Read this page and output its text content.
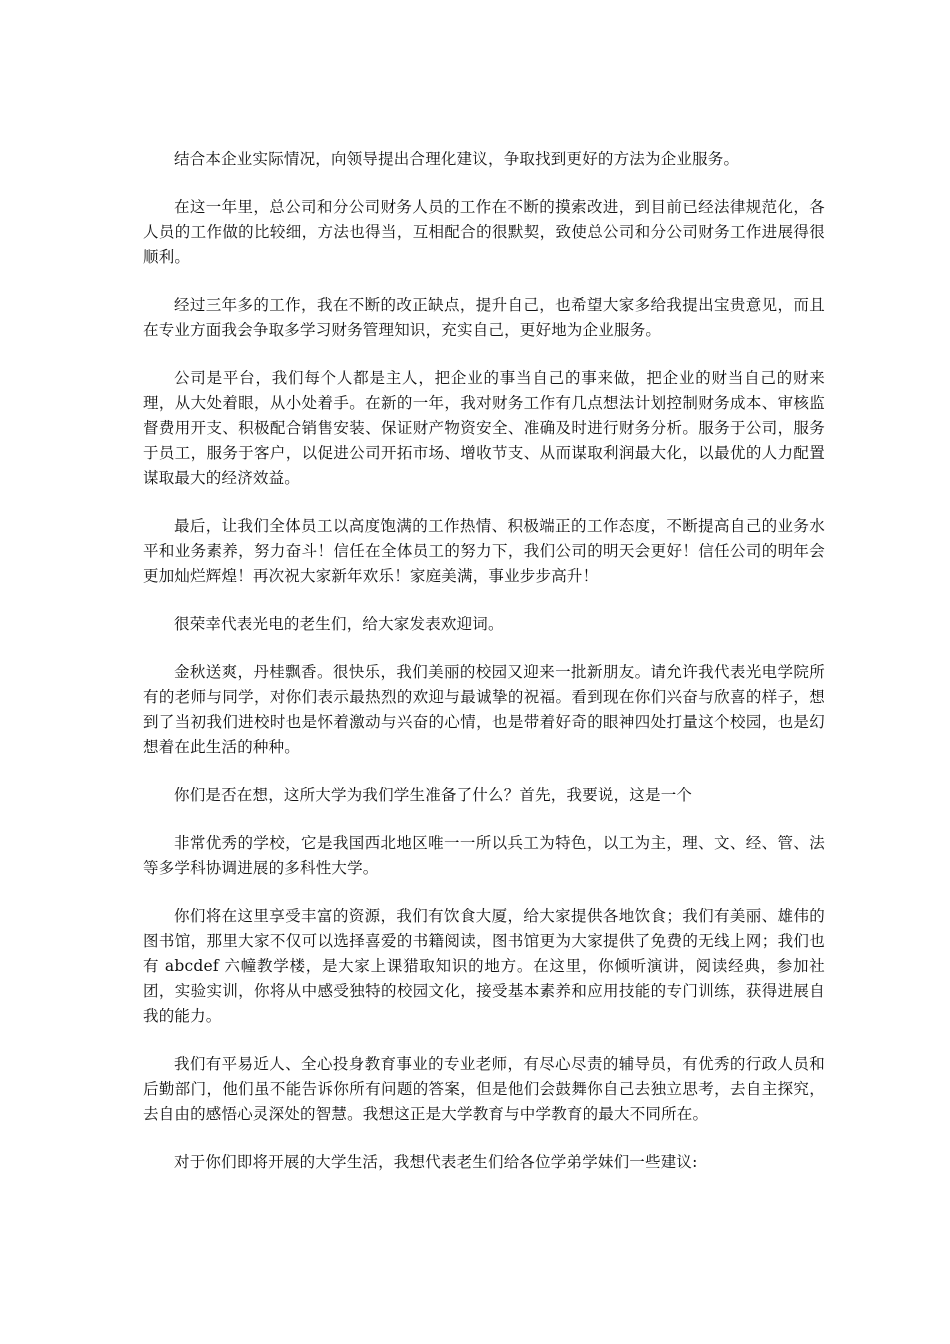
结合本企业实际情况，向领导提出合理化建议，争取找到更好的方法为企业服务。

在这一年里，总公司和分公司财务人员的工作在不断的摸索改进，到目前已经法律规范化，各人员的工作做的比较细，方法也得当，互相配合的很默契，致使总公司和分公司财务工作进展得很顺利。

经过三年多的工作，我在不断的改正缺点，提升自己，也希望大家多给我提出宝贵意见，而且在专业方面我会争取多学习财务管理知识，充实自己，更好地为企业服务。

公司是平台，我们每个人都是主人，把企业的事当自己的事来做，把企业的财当自己的财来理，从大处着眼，从小处着手。在新的一年，我对财务工作有几点想法计划控制财务成本、审核监督费用开支、积极配合销售安装、保证财产物资安全、准确及时进行财务分析。服务于公司，服务于员工，服务于客户，以促进公司开拓市场、增收节支、从而谋取利润最大化，以最优的人力配置谋取最大的经济效益。

最后，让我们全体员工以高度饱满的工作热情、积极端正的工作态度，不断提高自己的业务水平和业务素养，努力奋斗！信任在全体员工的努力下，我们公司的明天会更好！信任公司的明年会更加灿烂辉煌！再次祝大家新年欢乐！家庭美满，事业步步高升！

很荣幸代表光电的老生们，给大家发表欢迎词。

金秋送爽，丹桂飘香。很快乐，我们美丽的校园又迎来一批新朋友。请允许我代表光电学院所有的老师与同学，对你们表示最热烈的欢迎与最诚挚的祝福。看到现在你们兴奋与欣喜的样子，想到了当初我们进校时也是怀着激动与兴奋的心情，也是带着好奇的眼神四处打量这个校园，也是幻想着在此生活的种种。

你们是否在想，这所大学为我们学生准备了什么？首先，我要说，这是一个

非常优秀的学校，它是我国西北地区唯一一所以兵工为特色，以工为主，理、文、经、管、法等多学科协调进展的多科性大学。

你们将在这里享受丰富的资源，我们有饮食大厦，给大家提供各地饮食；我们有美丽、雄伟的图书馆，那里大家不仅可以选择喜爱的书籍阅读，图书馆更为大家提供了免费的无线上网；我们也有 abcdef 六幢教学楼，是大家上课猎取知识的地方。在这里，你倾听演讲，阅读经典，参加社团，实验实训，你将从中感受独特的校园文化，接受基本素养和应用技能的专门训练，获得进展自我的能力。

我们有平易近人、全心投身教育事业的专业老师，有尽心尽责的辅导员，有优秀的行政人员和后勤部门，他们虽不能告诉你所有问题的答案，但是他们会鼓舞你自己去独立思考，去自主探究，去自由的感悟心灵深处的智慧。我想这正是大学教育与中学教育的最大不同所在。

对于你们即将开展的大学生活，我想代表老生们给各位学弟学妹们一些建议:
